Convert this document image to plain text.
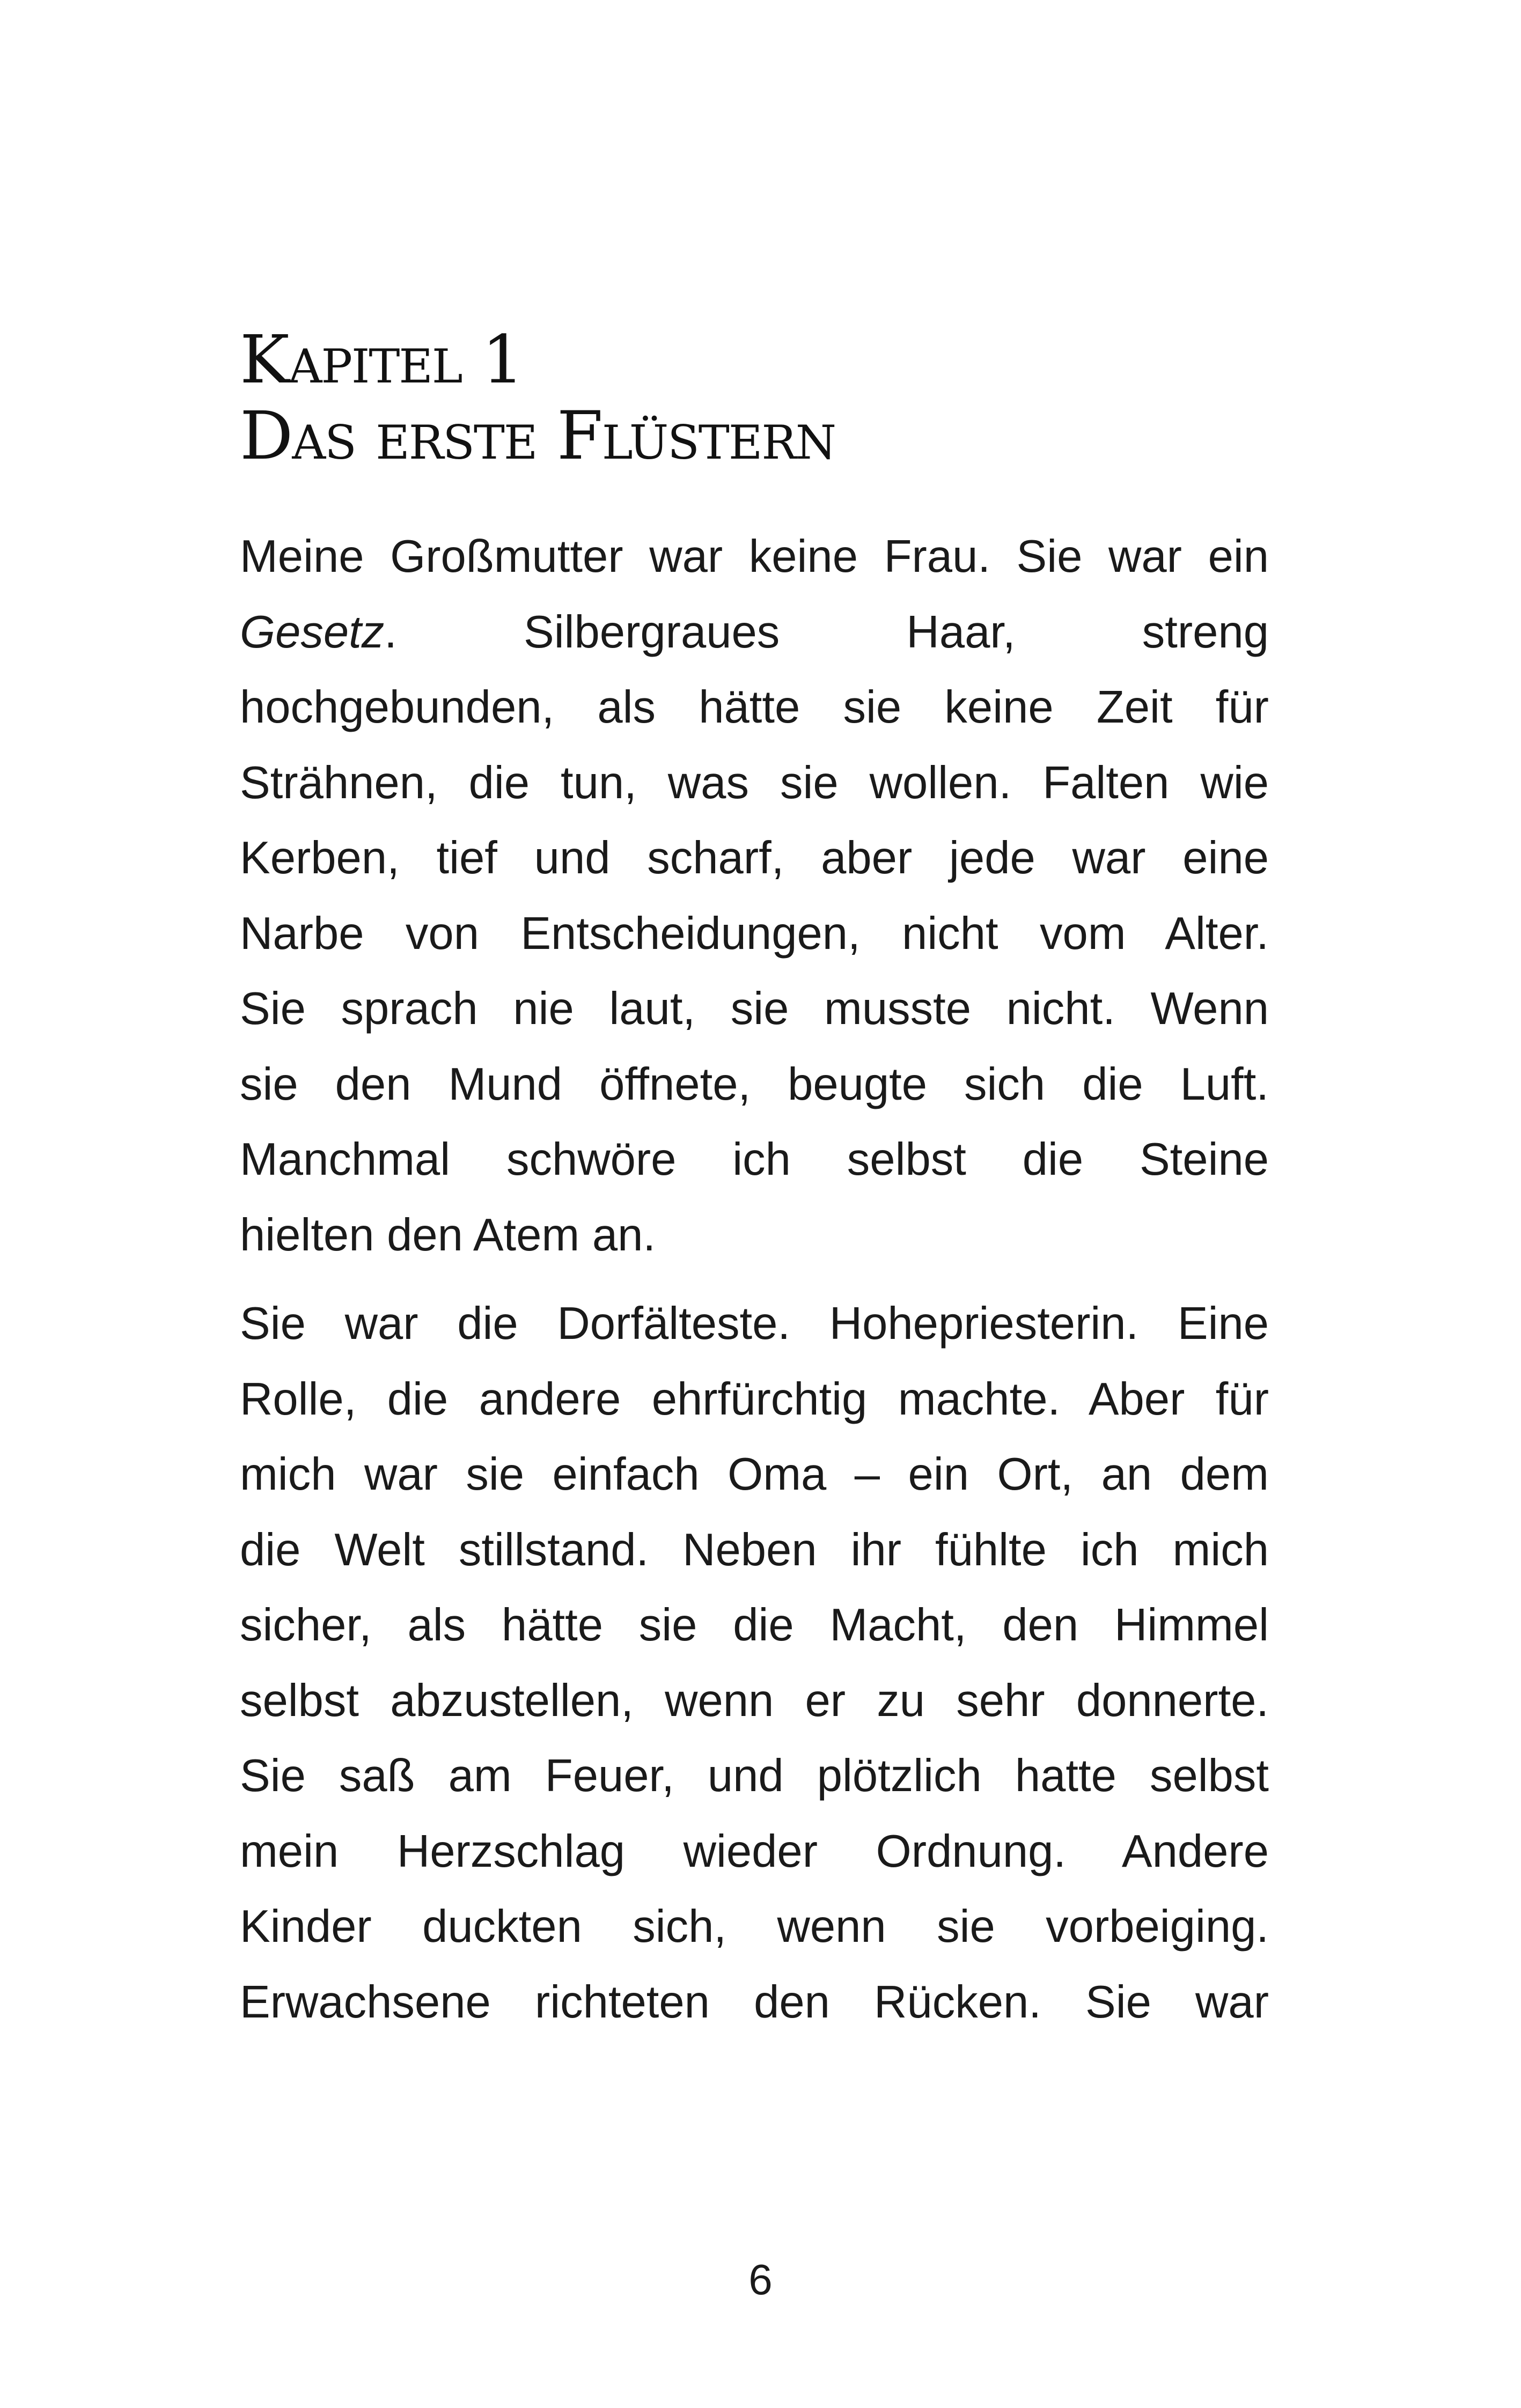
Kapitel 1
Das erste Flüstern

Meine Großmutter war keine Frau. Sie war ein
Gesetz. Silbergraues Haar, streng
hochgebunden, als hätte sie keine Zeit für
Strähnen, die tun, was sie wollen. Falten wie
Kerben, tief und scharf, aber jede war eine
Narbe von Entscheidungen, nicht vom Alter.
Sie sprach nie laut, sie musste nicht. Wenn
sie den Mund öffnete, beugte sich die Luft.
Manchmal schwöre ich selbst die Steine
hielten den Atem an.

Sie war die Dorfälteste. Hohepriesterin. Eine
Rolle, die andere ehrfürchtig machte. Aber für
mich war sie einfach Oma – ein Ort, an dem
die Welt stillstand. Neben ihr fühlte ich mich
sicher, als hätte sie die Macht, den Himmel
selbst abzustellen, wenn er zu sehr donnerte.
Sie saß am Feuer, und plötzlich hatte selbst
mein Herzschlag wieder Ordnung. Andere
Kinder duckten sich, wenn sie vorbeiging.
Erwachsene richteten den Rücken. Sie war

6
